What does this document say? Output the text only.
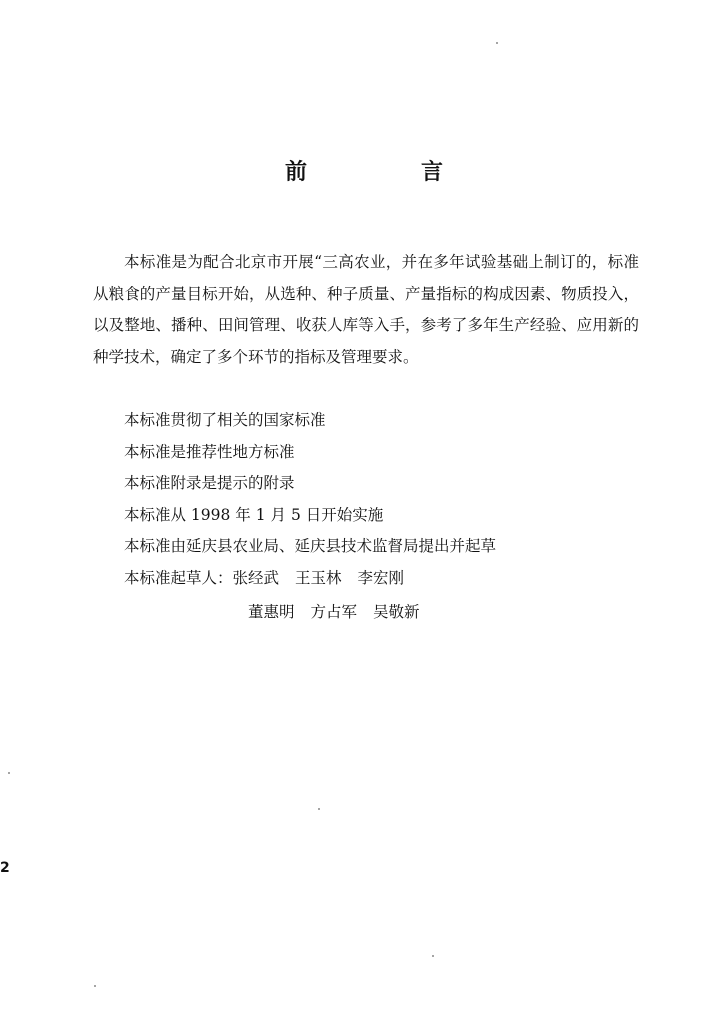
前　言

本标准是为配合北京市开展“三高农业，并在多年试验基础上制订的，标准从粮食的产量目标开始，从选种、种子质量、产量指标的构成因素、物质投入，以及整地、播种、田间管理、收获人库等入手，参考了多年生产经验、应用新的种学技术，确定了多个环节的指标及管理要求。

本标准贯彻了相关的国家标准
本标准是推荐性地方标准
本标准附录是提示的附录
本标准从 1998 年 1 月 5 日开始实施
本标准由延庆县农业局、延庆县技术监督局提出并起草
本标准起草人：张经武 王玉林 李宏刚
董惠明 方占军 吴敬新
2
